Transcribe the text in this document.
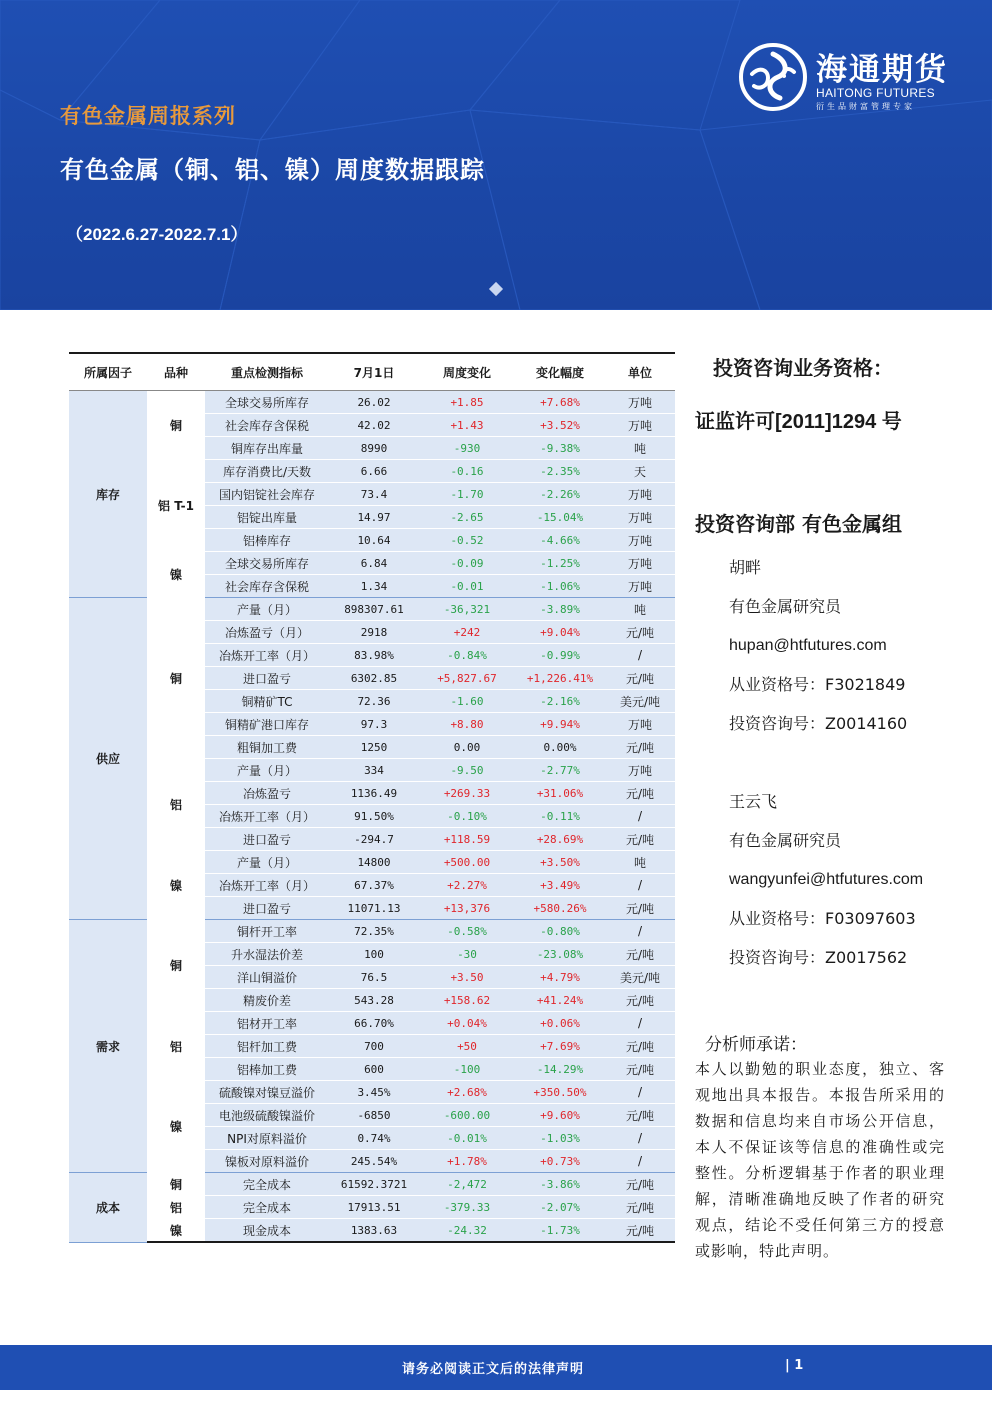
有色金属周报系列
有色金属（铜、铝、镍）周度数据跟踪
（2022.6.27-2022.7.1）
海通期货
HAITONG FUTURES
衍生品财富管理专家
所属因子	品种	重点检测指标	7月1日	周度变化	变化幅度	单位
库存	铜	全球交易所库存	26.02	+1.85	+7.68%	万吨
		社会库存含保税	42.02	+1.43	+3.52%	万吨
		铜库存出库量	8990	-930	-9.38%	吨
	铝 T-1	库存消费比/天数	6.66	-0.16	-2.35%	天
		国内铝锭社会库存	73.4	-1.70	-2.26%	万吨
		铝锭出库量	14.97	-2.65	-15.04%	万吨
		铝棒库存	10.64	-0.52	-4.66%	万吨
	镍	全球交易所库存	6.84	-0.09	-1.25%	万吨
		社会库存含保税	1.34	-0.01	-1.06%	万吨
供应	铜	产量（月）	898307.61	-36,321	-3.89%	吨
		冶炼盈亏（月）	2918	+242	+9.04%	元/吨
		冶炼开工率（月）	83.98%	-0.84%	-0.99%	/
		进口盈亏	6302.85	+5,827.67	+1,226.41%	元/吨
		铜精矿TC	72.36	-1.60	-2.16%	美元/吨
		铜精矿港口库存	97.3	+8.80	+9.94%	万吨
		粗铜加工费	1250	0.00	0.00%	元/吨
	铝	产量（月）	334	-9.50	-2.77%	万吨
		冶炼盈亏	1136.49	+269.33	+31.06%	元/吨
		冶炼开工率（月）	91.50%	-0.10%	-0.11%	/
		进口盈亏	-294.7	+118.59	+28.69%	元/吨
	镍	产量（月）	14800	+500.00	+3.50%	吨
		冶炼开工率（月）	67.37%	+2.27%	+3.49%	/
		进口盈亏	11071.13	+13,376	+580.26%	元/吨
需求	铜	铜杆开工率	72.35%	-0.58%	-0.80%	/
		升水湿法价差	100	-30	-23.08%	元/吨
		洋山铜溢价	76.5	+3.50	+4.79%	美元/吨
		精废价差	543.28	+158.62	+41.24%	元/吨
	铝	铝材开工率	66.70%	+0.04%	+0.06%	/
		铝杆加工费	700	+50	+7.69%	元/吨
		铝棒加工费	600	-100	-14.29%	元/吨
	镍	硫酸镍对镍豆溢价	3.45%	+2.68%	+350.50%	/
		电池级硫酸镍溢价	-6850	-600.00	+9.60%	元/吨
		NPI对原料溢价	0.74%	-0.01%	-1.03%	/
		镍板对原料溢价	245.54%	+1.78%	+0.73%	/
成本	铜	完全成本	61592.3721	-2,472	-3.86%	元/吨
	铝	完全成本	17913.51	-379.33	-2.07%	元/吨
	镍	现金成本	1383.63	-24.32	-1.73%	元/吨
投资咨询业务资格：
证监许可[2011]1294 号
投资咨询部 有色金属组
胡畔
有色金属研究员
hupan@htfutures.com
从业资格号：F3021849
投资咨询号：Z0014160
王云飞
有色金属研究员
wangyunfei@htfutures.com
从业资格号：F03097603
投资咨询号：Z0017562
分析师承诺：
本人以勤勉的职业态度，独立、客观地出具本报告。本报告所采用的数据和信息均来自市场公开信息，本人不保证该等信息的准确性或完整性。分析逻辑基于作者的职业理解，清晰准确地反映了作者的研究观点，结论不受任何第三方的授意或影响，特此声明。
请务必阅读正文后的法律声明	| 1
